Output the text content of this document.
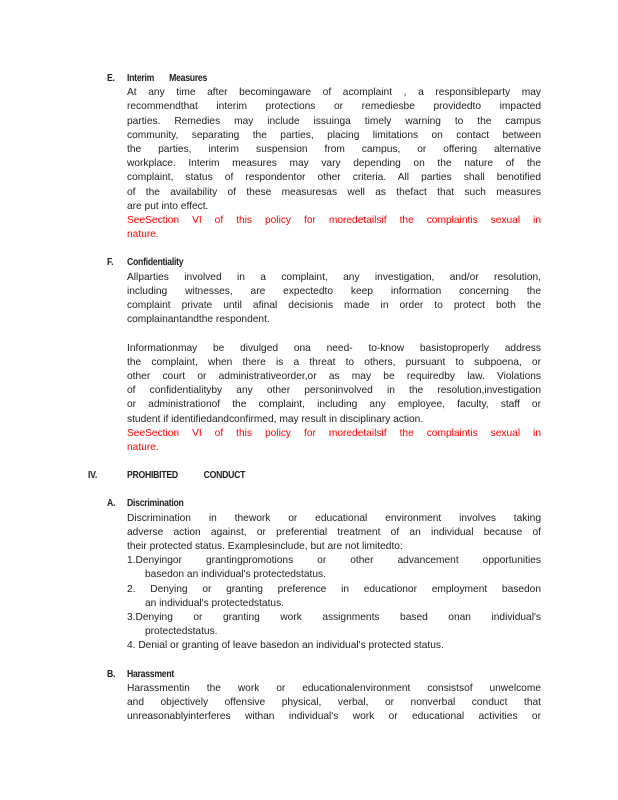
E. Interim       Measures
At any time after becomingaware of acomplaint , a responsibleparty may
recommendthat interim protections or remediesbe providedto impacted
parties. Remedies may include issuinga timely warning to the campus
community, separating the parties, placing limitations on contact between
the parties, interim suspension from campus, or offering alternative
workplace. Interim measures may vary depending on the nature of the
complaint, status of respondentor other criteria. All parties shall benotified
of the availability of these measuresas well as thefact that such measures
are put into effect.
SeeSection VI of this policy for moredetailsif the complaintis sexual in
nature.
F. Confidentiality
Allparties involved in a complaint, any investigation, and/or resolution,
including witnesses, are expectedto keep information concerning the
complaint private until afinal decisionis made in order to protect both the
complainantandthe respondent.
Informationmay be divulged ona need- to-know basistoproperly address
the complaint, when there is a threat to others, pursuant to subpoena, or
other court or administrativeorder,or as may be requiredby law. Violations
of confidentialityby any other personinvolved in the resolution,investigation
or administrationof the complaint, including any employee, faculty, staff or
student if identifiedandconfirmed, may result in disciplinary action.
SeeSection VI of this policy for moredetailsif the complaintis sexual in
nature.
IV.	PROHIBITED            CONDUCT
A. Discrimination
Discrimination in thework or educational environment involves taking
adverse action against, or preferential treatment of an individual because of
their protected status. Examplesinclude, but are not limitedto:
1.Denyingor grantingpromotions or other advancement opportunities
basedon an individual's protectedstatus.
2. Denying or granting preference in educationor employment basedon
an individual's protectedstatus.
3.Denying or granting work assignments based onan individual's
protectedstatus.
4. Denial or granting of leave basedon an individual's protected status.
B. Harassment
Harassmentin the work or educationalenvironment consistsof unwelcome
and objectively offensive physical, verbal, or nonverbal conduct that
unreasonablyinterferes withan individual's work or educational activities or
